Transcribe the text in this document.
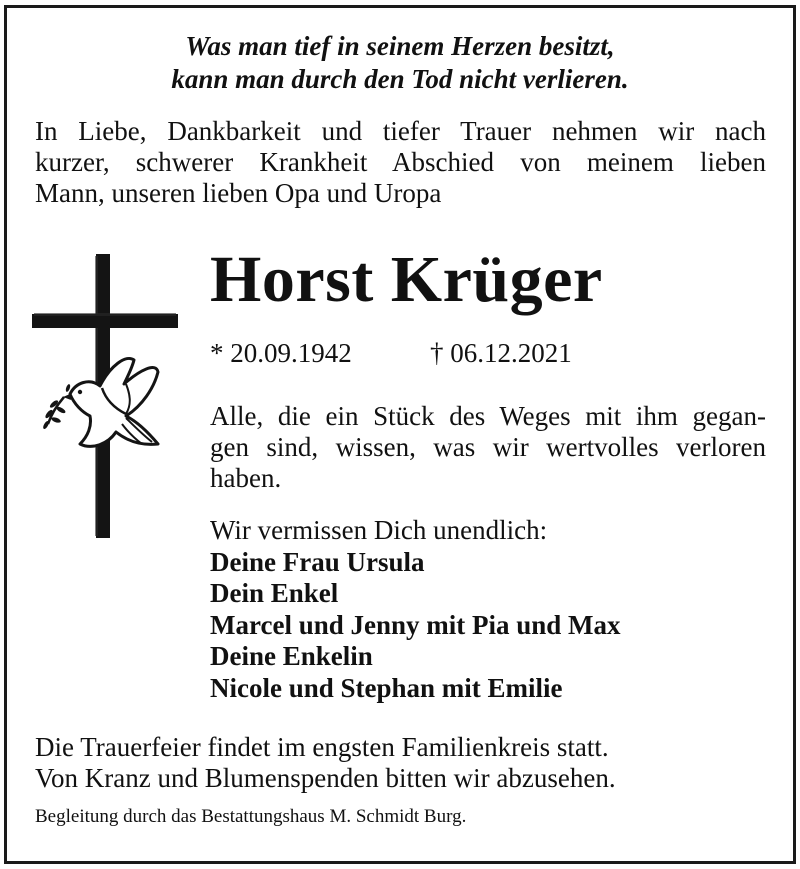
Was man tief in seinem Herzen besitzt,
kann man durch den Tod nicht verlieren.
In Liebe, Dankbarkeit und tiefer Trauer nehmen wir nach
kurzer, schwerer Krankheit Abschied von meinem lieben
Mann, unseren lieben Opa und Uropa
Horst Krüger
* 20.09.1942	† 06.12.2021
Alle, die ein Stück des Weges mit ihm gegan-
gen sind, wissen, was wir wertvolles verloren
haben.
Wir vermissen Dich unendlich:
Deine Frau Ursula
Dein Enkel
Marcel und Jenny mit Pia und Max
Deine Enkelin
Nicole und Stephan mit Emilie
Die Trauerfeier findet im engsten Familienkreis statt.
Von Kranz und Blumenspenden bitten wir abzusehen.
Begleitung durch das Bestattungshaus M. Schmidt Burg.
